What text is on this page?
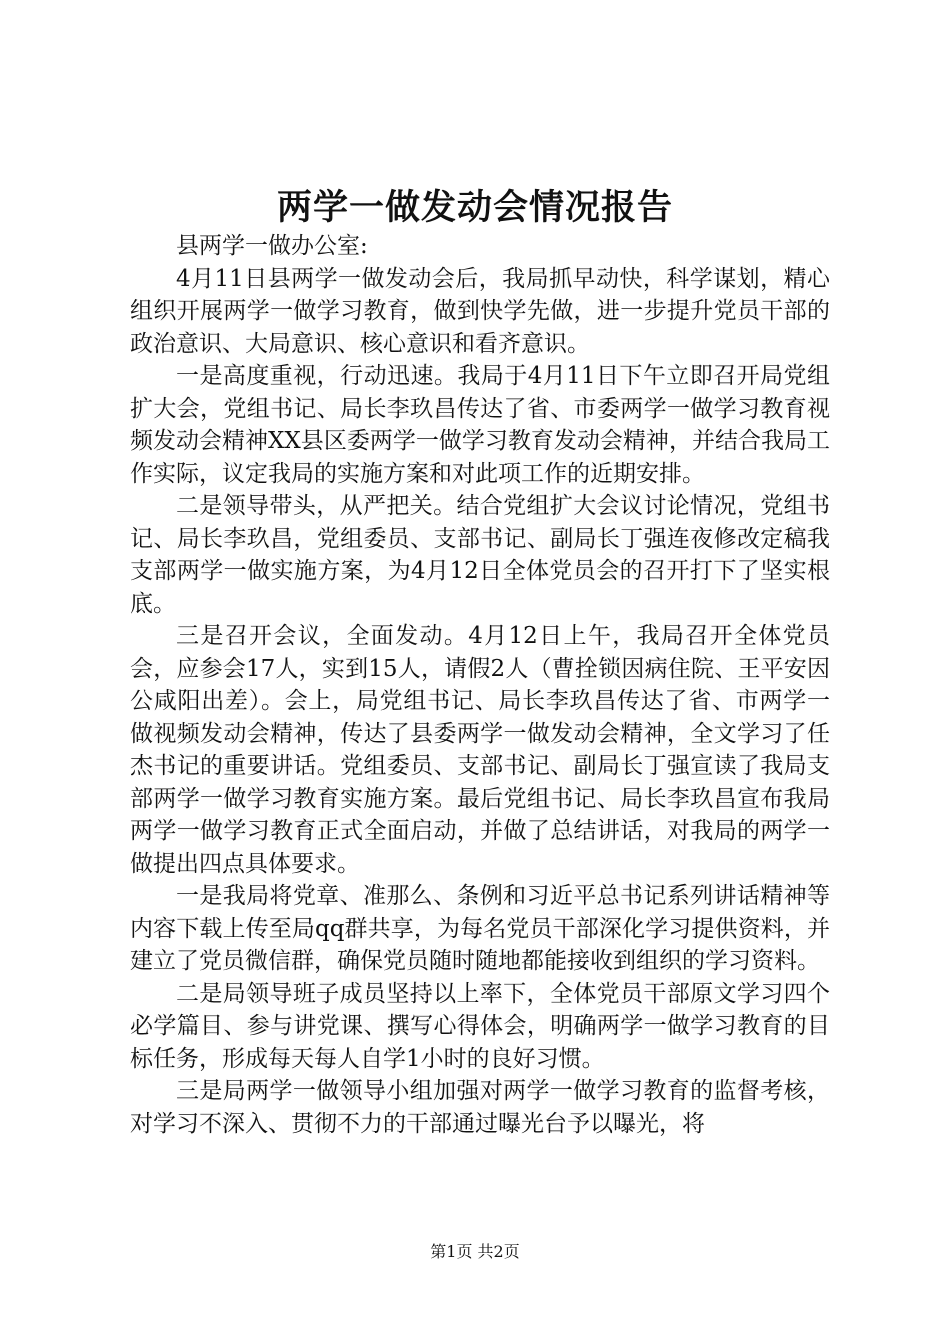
两学一做发动会情况报告

县两学一做办公室:

4月11日县两学一做发动会后，我局抓早动快，科学谋划，精心组织开展两学一做学习教育，做到快学先做，进一步提升党员干部的政治意识、大局意识、核心意识和看齐意识。

一是高度重视，行动迅速。我局于4月11日下午立即召开局党组扩大会，党组书记、局长李玖昌传达了省、市委两学一做学习教育视频发动会精神XX县区委两学一做学习教育发动会精神，并结合我局工作实际，议定我局的实施方案和对此项工作的近期安排。

二是领导带头，从严把关。结合党组扩大会议讨论情况，党组书记、局长李玖昌，党组委员、支部书记、副局长丁强连夜修改定稿我支部两学一做实施方案，为4月12日全体党员会的召开打下了坚实根底。

三是召开会议，全面发动。4月12日上午，我局召开全体党员会，应参会17人，实到15人，请假2人（曹拴锁因病住院、王平安因公咸阳出差）。会上，局党组书记、局长李玖昌传达了省、市两学一做视频发动会精神，传达了县委两学一做发动会精神，全文学习了任杰书记的重要讲话。党组委员、支部书记、副局长丁强宣读了我局支部两学一做学习教育实施方案。最后党组书记、局长李玖昌宣布我局两学一做学习教育正式全面启动，并做了总结讲话，对我局的两学一做提出四点具体要求。

一是我局将党章、准那么、条例和习近平总书记系列讲话精神等内容下载上传至局qq群共享，为每名党员干部深化学习提供资料，并建立了党员微信群，确保党员随时随地都能接收到组织的学习资料。

二是局领导班子成员坚持以上率下，全体党员干部原文学习四个必学篇目、参与讲党课、撰写心得体会，明确两学一做学习教育的目标任务，形成每天每人自学1小时的良好习惯。

三是局两学一做领导小组加强对两学一做学习教育的监督考核，对学习不深入、贯彻不力的干部通过曝光台予以曝光，将

第1页 共2页
